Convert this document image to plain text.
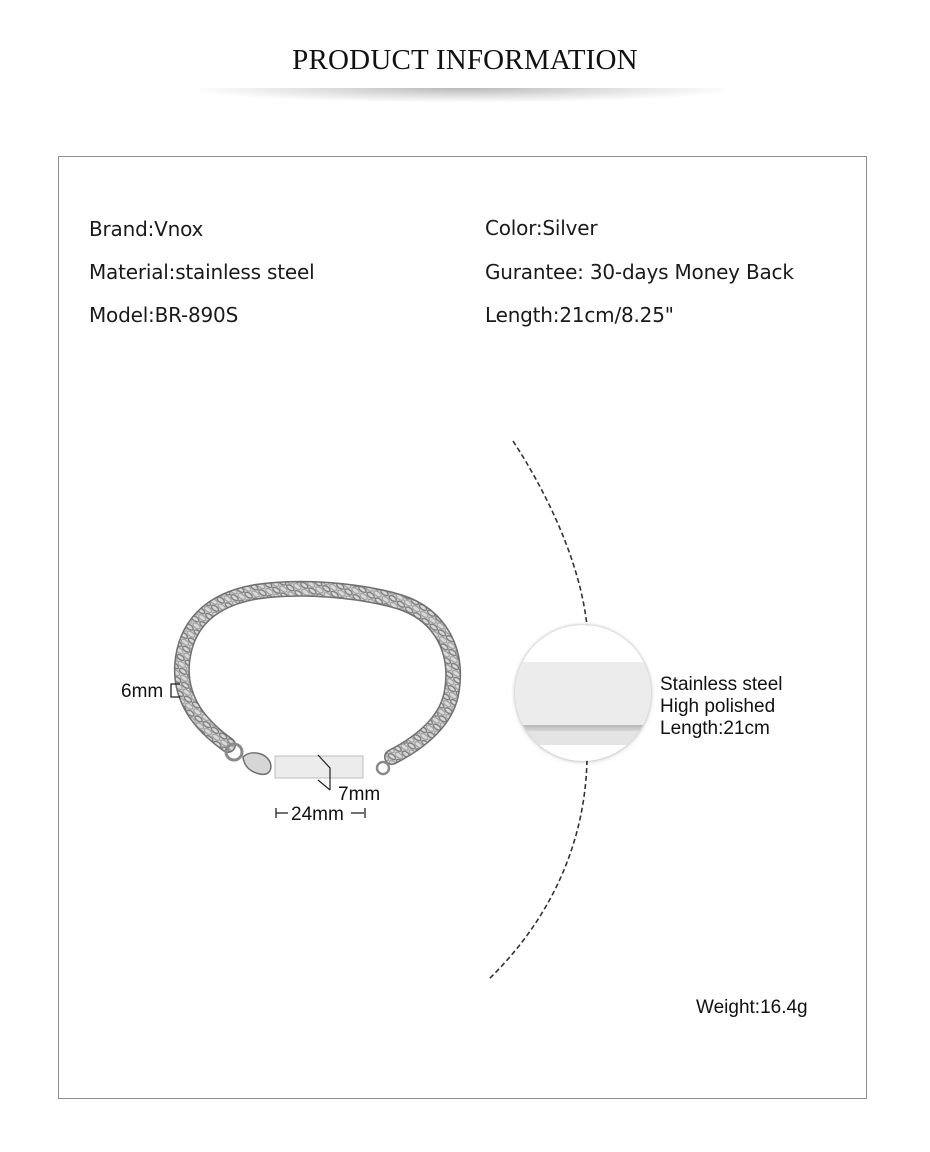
PRODUCT INFORMATION
Brand:Vnox
Material:stainless steel
Model:BR-890S
Color:Silver
Gurantee: 30-days Money Back
Length:21cm/8.25"
6mm
7mm
24mm
Stainless steel
High polished
Length:21cm
Weight:16.4g
